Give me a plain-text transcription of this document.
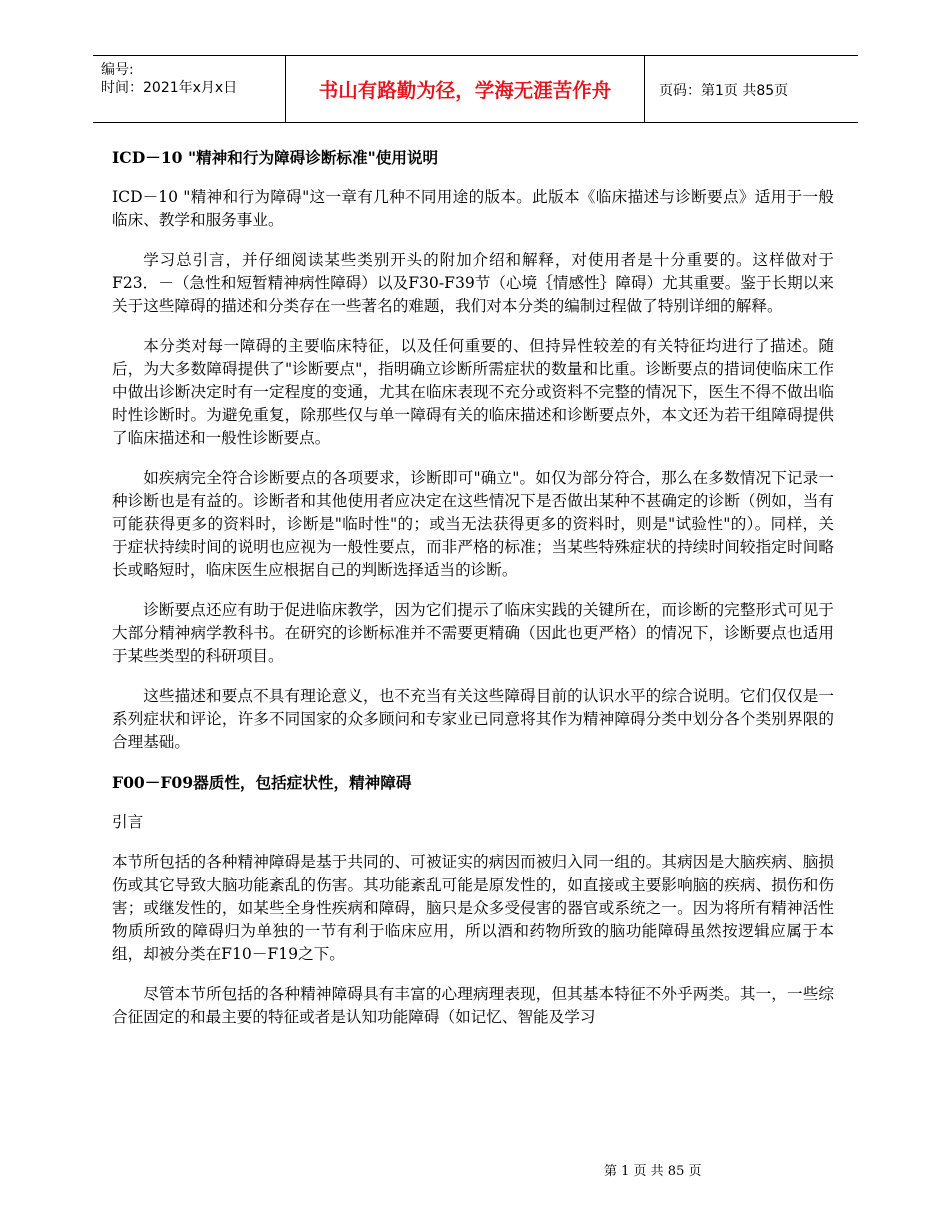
编号:
时间：2021年x月x日	书山有路勤为径，学海无涯苦作舟	页码：第1页 共85页
ICD－10 "精神和行为障碍诊断标准"使用说明

ICD－10 "精神和行为障碍"这一章有几种不同用途的版本。此版本《临床描述与诊断要点》适用于一般临床、教学和服务事业。

学习总引言，并仔细阅读某些类别开头的附加介绍和解释，对使用者是十分重要的。这样做对于F23．－（急性和短暂精神病性障碍）以及F30-F39节（心境｛情感性｝障碍）尤其重要。鉴于长期以来关于这些障碍的描述和分类存在一些著名的难题，我们对本分类的编制过程做了特别详细的解释。

本分类对每一障碍的主要临床特征，以及任何重要的、但持异性较差的有关特征均进行了描述。随后，为大多数障碍提供了"诊断要点"，指明确立诊断所需症状的数量和比重。诊断要点的措词使临床工作中做出诊断决定时有一定程度的变通，尤其在临床表现不充分或资料不完整的情况下，医生不得不做出临时性诊断时。为避免重复，除那些仅与单一障碍有关的临床描述和诊断要点外，本文还为若干组障碍提供了临床描述和一般性诊断要点。

如疾病完全符合诊断要点的各项要求，诊断即可"确立"。如仅为部分符合，那么在多数情况下记录一种诊断也是有益的。诊断者和其他使用者应决定在这些情况下是否做出某种不甚确定的诊断（例如，当有可能获得更多的资料时，诊断是"临时性"的；或当无法获得更多的资料时，则是"试验性"的）。同样，关于症状持续时间的说明也应视为一般性要点，而非严格的标准；当某些特殊症状的持续时间较指定时间略长或略短时，临床医生应根据自己的判断选择适当的诊断。

诊断要点还应有助于促进临床教学，因为它们提示了临床实践的关键所在，而诊断的完整形式可见于大部分精神病学教科书。在研究的诊断标准并不需要更精确（因此也更严格）的情况下，诊断要点也适用于某些类型的科研项目。

这些描述和要点不具有理论意义，也不充当有关这些障碍目前的认识水平的综合说明。它们仅仅是一系列症状和评论，许多不同国家的众多顾问和专家业已同意将其作为精神障碍分类中划分各个类别界限的合理基础。

F00－F09器质性，包括症状性，精神障碍
引言

本节所包括的各种精神障碍是基于共同的、可被证实的病因而被归入同一组的。其病因是大脑疾病、脑损伤或其它导致大脑功能紊乱的伤害。其功能紊乱可能是原发性的，如直接或主要影响脑的疾病、损伤和伤害；或继发性的，如某些全身性疾病和障碍，脑只是众多受侵害的器官或系统之一。因为将所有精神活性物质所致的障碍归为单独的一节有利于临床应用，所以酒和药物所致的脑功能障碍虽然按逻辑应属于本组，却被分类在F10－F19之下。

尽管本节所包括的各种精神障碍具有丰富的心理病理表现，但其基本特征不外乎两类。其一，一些综合征固定的和最主要的特征或者是认知功能障碍（如记忆、智能及学习

第 1 页 共 85 页
